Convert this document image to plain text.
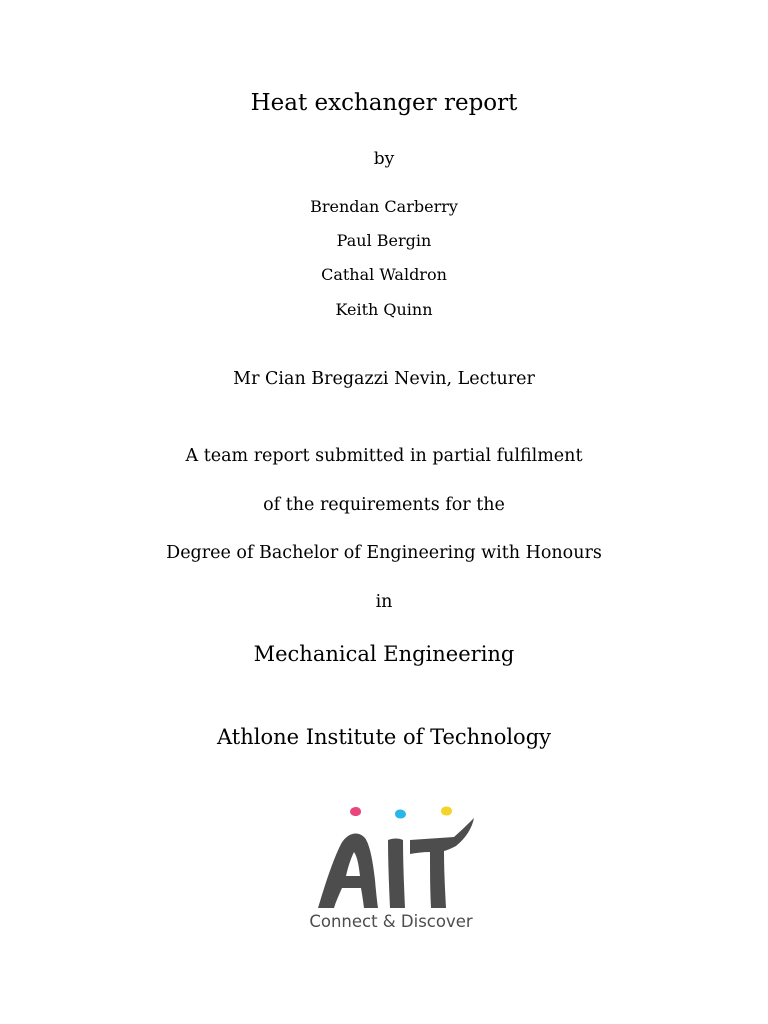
Heat exchanger report
by
Brendan Carberry
Paul Bergin
Cathal Waldron
Keith Quinn
Mr Cian Bregazzi Nevin, Lecturer
A team report submitted in partial fulfilment
of the requirements for the
Degree of Bachelor of Engineering with Honours
in
Mechanical Engineering
Athlone Institute of Technology
Connect & Discover
